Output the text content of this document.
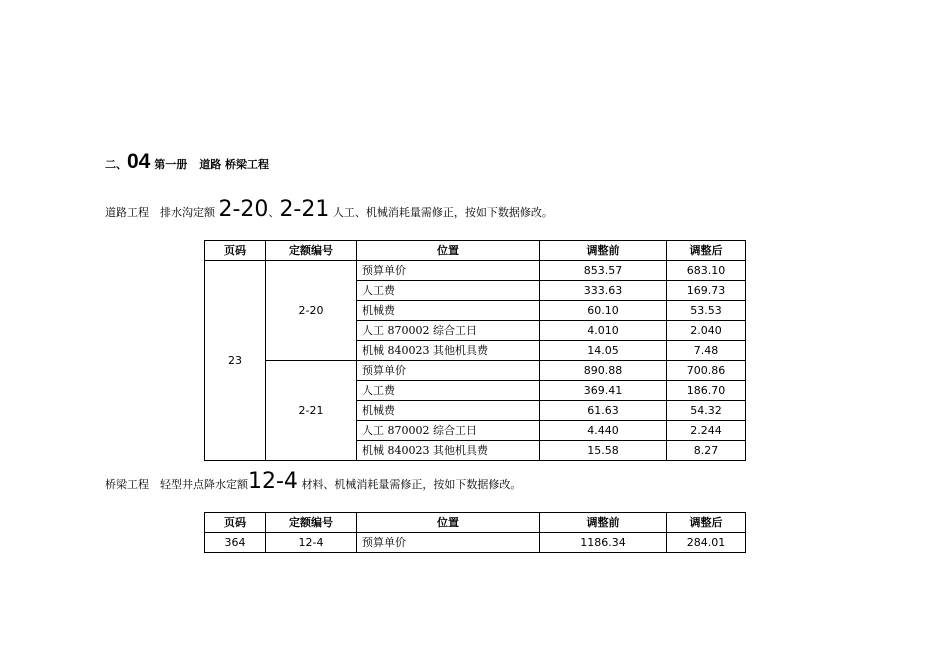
二、04 第一册 道路 桥梁工程
道路工程 排水沟定额 2-20、2-21 人工、机械消耗量需修正，按如下数据修改。
页码	定额编号	位置	调整前	调整后
23	2-20	预算单价	853.57	683.10
		人工费	333.63	169.73
		机械费	60.10	53.53
		人工 870002 综合工日	4.010	2.040
		机械 840023 其他机具费	14.05	7.48
	2-21	预算单价	890.88	700.86
		人工费	369.41	186.70
		机械费	61.63	54.32
		人工 870002 综合工日	4.440	2.244
		机械 840023 其他机具费	15.58	8.27
桥梁工程 轻型井点降水定额12-4 材料、机械消耗量需修正，按如下数据修改。
页码	定额编号	位置	调整前	调整后
364	12-4	预算单价	1186.34	284.01
